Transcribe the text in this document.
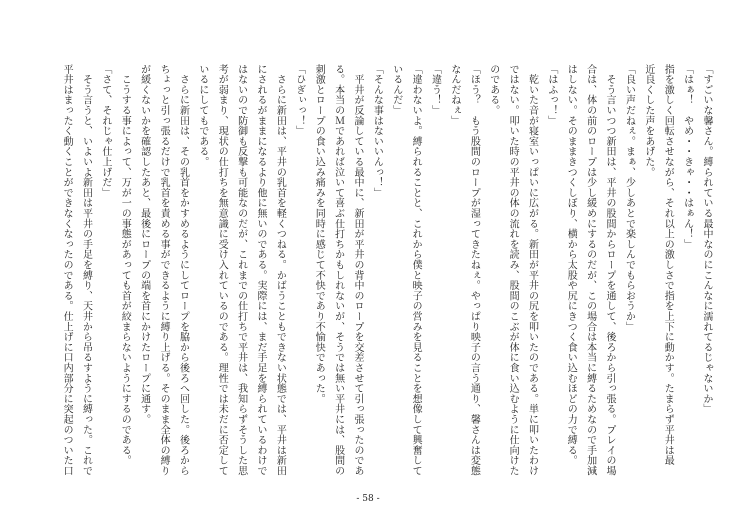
「すごいな馨さん。縛られている最中なのにこんなに濡れてるじゃないか」

「はぁ！　やめ・・きゃ・・はぁん！」

指を激しく回転させながら、それ以上の激しさで指を上下に動かす。たまらず平井は最

近良くした声をあげた。

「良い声だねぇ。まぁ、少しあとで楽しんでもらおうか」

　そう言いつつ新田は、平井の股間からロープを通して、後ろから引っ張る。プレイの場

合は、体の前のロープは少し緩めにするのだが、この場合は本当に縛るためなので手加減

はしない。そのままきつくしぼり、横から太股や尻にきつく食い込むほどの力で縛る。

「はふっ！」

　乾いた音が寝室いっぱいに広がる。新田が平井の尻を叩いたのである。単に叩いたわけ

ではない。叩いた時の平井の体の流れを読み、股間のこぶが体に食い込むように仕向けた

のである。

「ほう？　もう股間のロープが湿ってきたねぇ。やっぱり映子の言う通り、馨さんは変態

なんだねぇ」

「違う！」

「違わないよ。縛られることと、これから僕と映子の営みを見ることを想像して興奮して

いるんだ」

「そんな事はないいんっ！」

　平井が反論している最中に、新田が平井の背中のロープを交差させて引っ張ったのであ

る。本当のＭであれば泣いて喜ぶ仕打ちかもしれないが、そうでは無い平井には、股間の

刺激とロープの食い込み痛みを同時に感じて不快であり不愉快であった。

「ひぎぃっ！」

　さらに新田は、平井の乳首を軽くつねる。かばうこともできない状態では、平井は新田

にされるがままになるより他に無いのである。実際には、まだ手足を縛られているわけで

はないので防御も反撃も可能なのだが、これまでの仕打ちで平井は、我知らずそうした思

考が弱まり、現状の仕打ちを無意識に受け入れているのである。理性では未だに否定して

いるにしてもである。

　さらに新田は、その乳首をかすめるようにしてロープを脇から後ろへ回した。後ろから

ちょっと引っ張るだけで乳首を責める事ができるように縛り上げる。そのまま全体の縛り

が緩くないかを確認したあと、最後にロープの端を首にかけたロープに通す。

　こうする事によって、万が一の事態があっても首が絞まらないようにするのである。

「さて、それじゃ仕上げだ」

　そう言うと、いよいよ新田は平井の手足を縛り、天井から吊るすように縛った。これで

平井はまったく動くことができなくなったのである。仕上げに口内部分に突起のついた口

- 58 -
